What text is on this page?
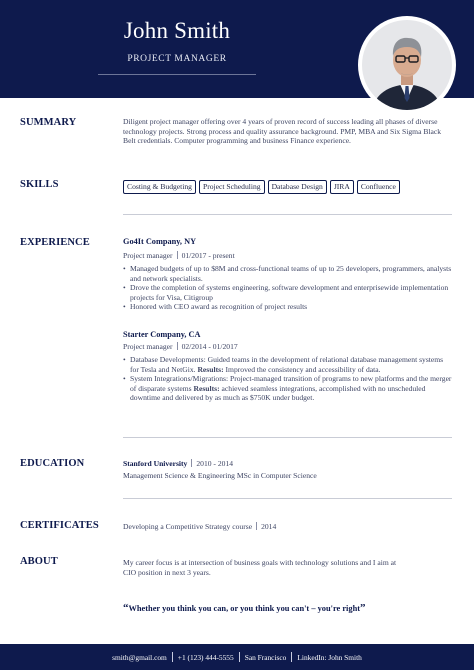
John Smith
PROJECT MANAGER
SUMMARY	Diligent project manager offering over 4 years of proven record of success leading all phases of diverse technology projects. Strong process and quality assurance background. PMP, MBA and Six Sigma Black Belt credentials. Computer programming and business Finance experience.
SKILLS	Costing & Budgeting	Project Scheduling	Database Design	JIRA	Confluence
EXPERIENCE	Go4It Company, NY
Project manager 01/2017 - present
• Managed budgets of up to $8M and cross-functional teams of up to 25 developers, programmers, analysts and network specialists.
• Drove the completion of systems engineering, software development and enterprisewide implementation projects for Visa, Citigroup
• Honored with CEO award as recognition of project results
Starter Company, CA
Project manager 02/2014 - 01/2017
• Database Developments: Guided teams in the development of relational database management systems for Tesla and NetGix. Results: Improved the consistency and accessibility of data.
• System Integrations/Migrations: Project-managed transition of programs to new platforms and the merger of disparate systems Results: achieved seamless integrations, accomplished with no unscheduled downtime and delivered by as much as $750K under budget.
EDUCATION	Stanford University 2010 - 2014
Management Science & Engineering MSc in Computer Science
CERTIFICATES	Developing a Competitive Strategy course 2014
ABOUT	My career focus is at intersection of business goals with technology solutions and I aim at CIO position in next 3 years.
“Whether you think you can, or you think you can't – you're right”
smith@gmail.com +1 (123) 444-5555 San Francisco LinkedIn: John Smith
